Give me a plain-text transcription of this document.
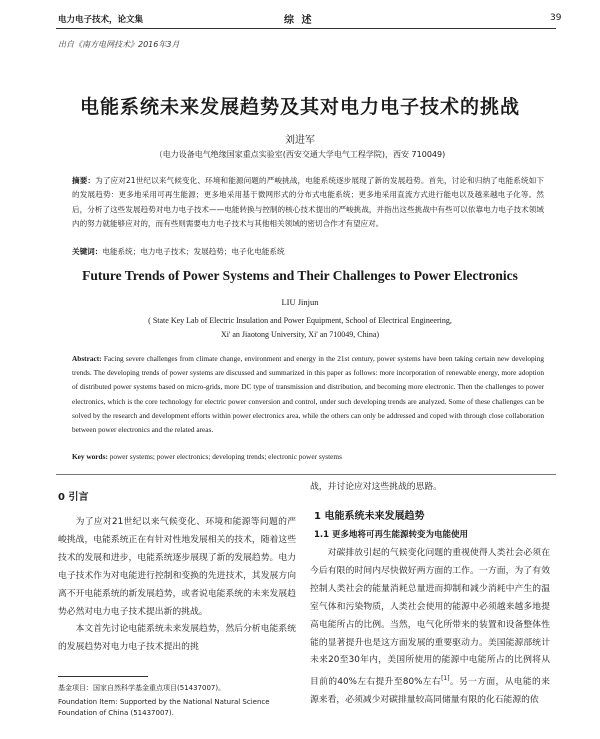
电力电子技术，论文集	综 述	39
出自《南方电网技术》2016年3月
电能系统未来发展趋势及其对电力电子技术的挑战
刘进军
（电力设备电气绝缘国家重点实验室(西安交通大学电气工程学院)，西安 710049)
摘要：为了应对21世纪以来气候变化、环境和能源问题的严峻挑战，电能系统逐步展现了新的发展趋势。首先，讨论和归纳了电能系统如下的发展趋势：更多地采用可再生能源；更多地采用基于微网形式的分布式电能系统；更多地采用直流方式进行能电以及越来越电子化等。然后，分析了这些发展趋势对电力电子技术——电能转换与控制的核心技术提出的严峻挑战，并指出这些挑战中有些可以依靠电力电子技术领域内的努力就能够应对的，而有些则需要电力电子技术与其他相关领域的密切合作才有望应对。
关键词：电能系统；电力电子技术；发展趋势；电子化电能系统
Future Trends of Power Systems and Their Challenges to Power Electronics
LIU Jinjun
( State Key Lab of Electric Insulation and Power Equipment, School of Electrical Engineering,
Xi' an Jiaotong University, Xi' an 710049, China)
Abstract: Facing severe challenges from climate change, environment and energy in the 21st century, power systems have been taking certain new developing trends. The developing trends of power systems are discussed and summarized in this paper as follows: more incorporation of renewable energy, more adoption of distributed power systems based on micro-grids, more DC type of transmission and distribution, and becoming more electronic. Then the challenges to power electronics, which is the core technology for electric power conversion and control, under such developing trends are analyzed. Some of these challenges can be solved by the research and development efforts within power electronics area, while the others can only be addressed and coped with through close collaboration between power electronics and the related areas.
Key words: power systems; power electronics; developing trends; electronic power systems
0 引言
为了应对21世纪以来气候变化、环境和能源等问题的严峻挑战，电能系统正在有针对性地发展相关的技术，随着这些技术的发展和进步，电能系统逐步展现了新的发展趋势。电力电子技术作为对电能进行控制和变换的先进技术，其发展方向离不开电能系统的新发展趋势，或者说电能系统的未来发展趋势必然对电力电子技术提出新的挑战。
本文首先讨论电能系统未来发展趋势，然后分析电能系统的发展趋势对电力电子技术提出的挑
战，并讨论应对这些挑战的思路。
1 电能系统未来发展趋势
1.1 更多地将可再生能源转变为电能使用
对碳排放引起的气候变化问题的重视使得人类社会必须在今后有限的时间内尽快做好两方面的工作。一方面，为了有效控制人类社会的能量消耗总量进而抑制和减少消耗中产生的温室气体和污染物质，人类社会使用的能源中必须越来越多地提高电能所占的比例。当然，电气化所带来的装置和设备整体性能的显著提升也是这方面发展的重要驱动力。美国能源部统计未来20至30年内，美国所使用的能源中电能所占的比例将从目前的40%左右提升至80%左右[1]。另一方面，从电能的来源来看，必须减少对碳排量较高同储量有限的化石能源的依
基金项目：国家自然科学基金重点项目(51437007)。
Foundation Item: Supported by the National Natural Science Foundation of China (51437007).
